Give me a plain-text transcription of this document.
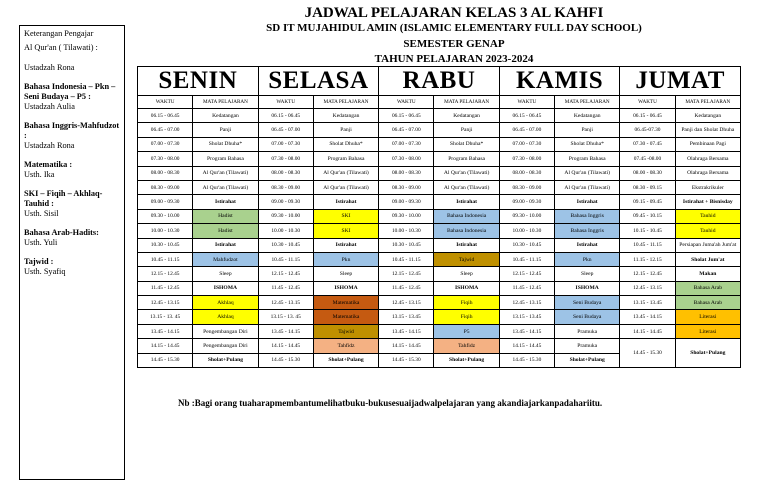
Keterangan Pengajar
Al Qur'an ( Tilawati) :
Ustadzah Rona
Bahasa Indonesia – Pkn – Seni Budaya – P5 :
Ustadzah Aulia
Bahasa Inggris-Mahfudzot :
Ustadzah Rona
Matematika :
Usth. Ika
SKI – Fiqih – Akhlaq- Tauhid :
Usth. Sisil
Bahasa Arab-Hadits:
Usth. Yuli
Tajwid :
Usth. Syafiq
JADWAL PELAJARAN KELAS 3 AL KAHFI
SD IT MUJAHIDUL AMIN (ISLAMIC ELEMENTARY FULL DAY SCHOOL)
SEMESTER GENAP
TAHUN PELAJARAN 2023-2024
SENIN		SELASA		RABU		KAMIS		JUMAT	
WAKTU	MATA PELAJARAN	WAKTU	MATA PELAJARAN	WAKTU	MATA PELAJARAN	WAKTU	MATA PELAJARAN	WAKTU	MATA PELAJARAN
06.15 - 06.45	Kedatangan	06.15 - 06.45	Kedatangan	06.15 - 06.45	Kedatangan	06.15 - 06.45	Kedatangan	06.15 - 06.45	Kedatangan
06.45 - 07.00	Panji	06.45 - 07.00	Panji	06.45 - 07.00	Panji	06.45 - 07.00	Panji	06.45-07.30	Panji dan Sholat Dhuha
07.00 - 07.30	Sholat Dhuha*	07.00 - 07.30	Sholat Dhuha*	07.00 - 07.30	Sholat Dhuha*	07.00 - 07.30	Sholat Dhuha*	07.30 - 07.45	Pembinaan Pagi
07.30 - 08.00	Program Bahasa	07.30 - 08.00	Program Bahasa	07.30 - 08.00	Program Bahasa	07.30 - 08.00	Program Bahasa	07.45 -08.00	Olahraga Bersama
08.00 - 08.30	Al Qur'an (Tilawati)	08.00 - 08.30	Al Qur'an (Tilawati)	08.00 - 08.30	Al Qur'an (Tilawati)	08.00 - 08.30	Al Qur'an (Tilawati)	08.00 - 08.30	Olahraga Bersama
08.30 - 09.00	Al Qur'an (Tilawati)	08.30 - 09.00	Al Qur'an (Tilawati)	08.30 - 09.00	Al Qur'an (Tilawati)	08.30 - 09.00	Al Qur'an (Tilawati)	08.30 - 09.15	Ekstrakrikuler
09.00 - 09.30	Istirahat	09.00 - 09.30	Istirahat	09.00 - 09.30	Istirahat	09.00 - 09.30	Istirahat	09.15 - 09.45	Istirahat + Bisnisday
09.30 - 10.00	Hadist	09.30 - 10.00	SKI	09.30 - 10.00	Bahasa Indonesia	09.30 - 10.00	Bahasa Inggris	09.45 - 10.15	Tauhid
10.00 - 10.30	Hadist	10.00 - 10.30	SKI	10.00 - 10.30	Bahasa Indonesia	10.00 - 10.30	Bahasa Inggris	10.15 - 10.45	Tauhid
10.30 - 10.45	Istirahat	10.30 - 10.45	Istirahat	10.30 - 10.45	Istirahat	10.30 - 10.45	Istirahat	10.45 - 11.15	Persiapan Juma'ah Jum'at
10.45 - 11.15	Mahfudzot	10.45 - 11.15	Pkn	10.45 - 11.15	Tajwid	10.45 - 11.15	Pkn	11.15 - 12.15	Sholat Jum'at
12.15 - 12.45	Sleep	12.15 - 12.45	Sleep	12.15 - 12.45	Sleep	12.15 - 12.45	Sleep	12.15 - 12.45	Makan
11.45 - 12.45	ISHOMA	11.45 - 12.45	ISHOMA	11.45 - 12.45	ISHOMA	11.45 - 12.45	ISHOMA	12.45 - 13.15	Bahasa Arab
12.45 - 13.15	Akhlaq	12.45 - 13.15	Matematika	12.45 - 13.15	Fiqih	12.45 - 13.15	Seni Budaya	13.15 - 13.45	Bahasa Arab
13.15 - 13. 45	Akhlaq	13.15 - 13. 45	Matematika	13.15 - 13.45	Fiqih	13.15 - 13.45	Seni Budaya	13.45 - 14.15	Literasi
13.45 - 14.15	Pengembangan Diri	13.45 - 14.15	Tajwid	13.45 - 14.15	P5	13.45 - 14.15	Pramuka	14.15 - 14.45	Literasi
14.15 - 14.45	Pengembangan Diri	14.15 - 14.45	Tahfidz	14.15 - 14.45	Tahfidz	14.15 - 14.45	Pramuka	14.45 - 15.30	Sholat+Pulang
14.45 - 15.30	Sholat+Pulang	14.45 - 15.30	Sholat+Pulang	14.45 - 15.30	Sholat+Pulang	14.45 - 15.30	Sholat+Pulang		
Nb :Bagi orang tuaharapmembantumelihatbuku-bukusesuaijadwalpelajaran yang akandiajarkanpadahariitu.
